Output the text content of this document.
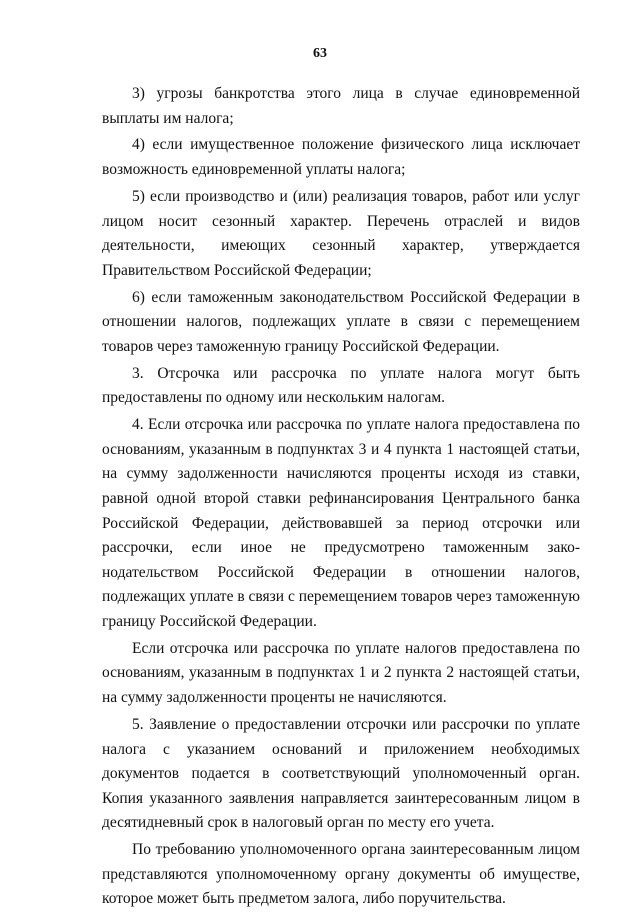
63

3) угрозы банкротства этого лица в случае единовременной выплаты им налога;

4) если имущественное положение физического лица исключает возможность единовременной уплаты налога;

5) если производство и (или) реализация товаров, работ или услуг лицом носит сезонный характер. Перечень отраслей и видов деятельности, имеющих сезонный характер, утверждается Правительством Российской Федерации;

6) если таможенным законодательством Российской Федерации в отношении налогов, подлежащих уплате в связи с перемещением товаров через таможенную границу Российской Федерации.

3. Отсрочка или рассрочка по уплате налога могут быть предоставлены по одному или нескольким налогам.

4. Если отсрочка или рассрочка по уплате налога предоставлена по основаниям, указанным в подпунктах 3 и 4 пункта 1 настоящей статьи, на сумму задолженности начисляются проценты исходя из ставки, равной одной второй ставки рефинансирования Центрального банка Российской Федерации, действовавшей за период отсрочки или рассрочки, если иное не предусмотрено таможенным законодательством Российской Федерации в отношении налогов, подлежащих уплате в связи с перемещением товаров через таможенную границу Российской Федерации.

Если отсрочка или рассрочка по уплате налогов предоставлена по основаниям, указанным в подпунктах 1 и 2 пункта 2 настоящей статьи, на сумму задолженности проценты не начисляются.

5. Заявление о предоставлении отсрочки или рассрочки по уплате налога с указанием оснований и приложением необходимых документов подается в соответствующий уполномоченный орган. Копия указанного заявления направляется заинтересованным лицом в десятидневный срок в налоговый орган по месту его учета.

По требованию уполномоченного органа заинтересованным лицом представляются уполномоченному органу документы об имуществе, которое может быть предметом залога, либо поручительства.
